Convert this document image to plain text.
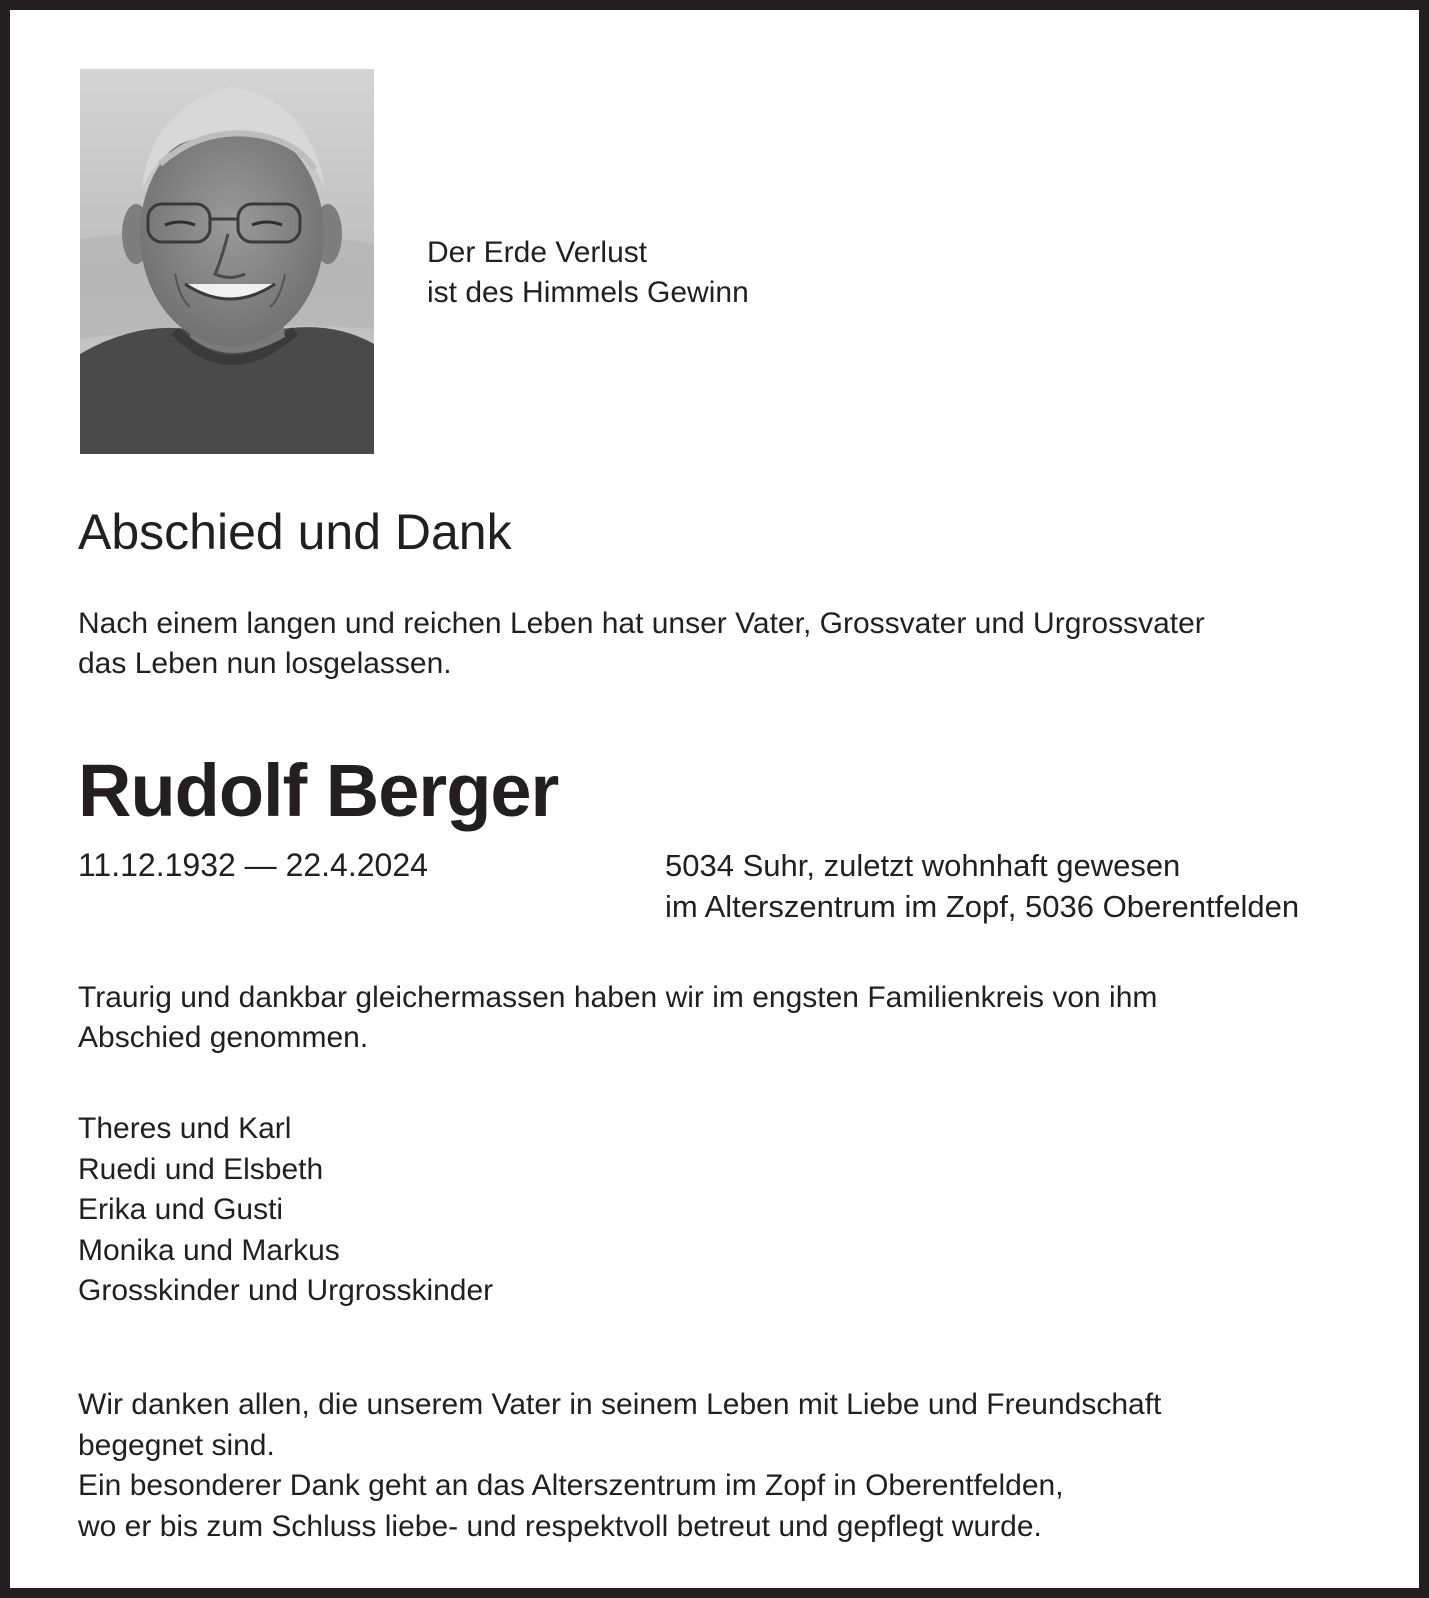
Der Erde Verlust
ist des Himmels Gewinn
Abschied und Dank
Nach einem langen und reichen Leben hat unser Vater, Grossvater und Urgrossvater
das Leben nun losgelassen.
Rudolf Berger
11.12.1932 — 22.4.2024	5034 Suhr, zuletzt wohnhaft gewesen
im Alterszentrum im Zopf, 5036 Oberentfelden
Traurig und dankbar gleichermassen haben wir im engsten Familienkreis von ihm
Abschied genommen.
Theres und Karl
Ruedi und Elsbeth
Erika und Gusti
Monika und Markus
Grosskinder und Urgrosskinder
Wir danken allen, die unserem Vater in seinem Leben mit Liebe und Freundschaft
begegnet sind.
Ein besonderer Dank geht an das Alterszentrum im Zopf in Oberentfelden,
wo er bis zum Schluss liebe- und respektvoll betreut und gepflegt wurde.
